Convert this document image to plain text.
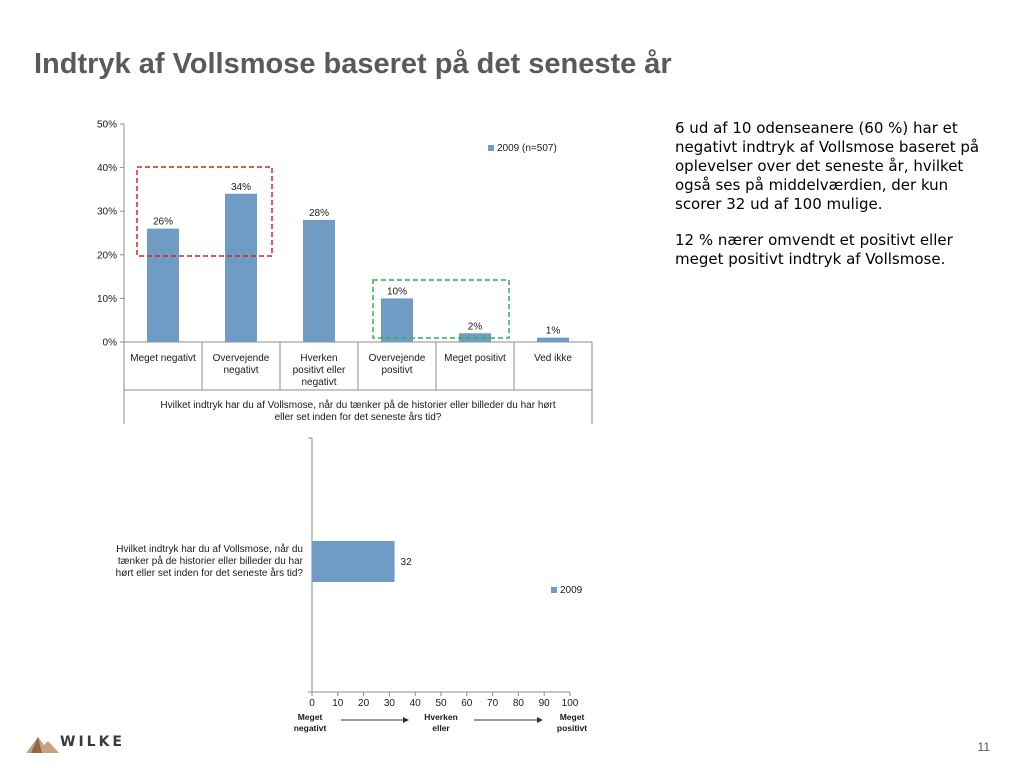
Indtryk af Vollsmose baseret på det seneste år

6 ud af 10 odenseanere (60 %) har et negativt indtryk af Vollsmose baseret på oplevelser over det seneste år, hvilket også ses på middelværdien, der kun scorer 32 ud af 100 mulige.

12 % nærer omvendt et positivt eller meget positivt indtryk af Vollsmose.

0%
10%
20%
30%
40%
50%
26%
Meget negativt
34%
Overvejende
negativt
28%
Hverken
positivt eller
negativt
10%
Overvejende
positivt
2%
Meget positivt
1%
Ved ikke
Hvilket indtryk har du af Vollsmose, når du tænker på de historier eller billeder du har hørt
eller set inden for det seneste års tid?
2009 (n=507)
0 10 20 30 40 50 60 70 80 90 100
32
Hvilket indtryk har du af Vollsmose, når du
tænker på de historier eller billeder du har
hørt eller set inden for det seneste års tid?
2009
Meget
negativt
Hverken
eller
Meget
positivt
WILKE	11
